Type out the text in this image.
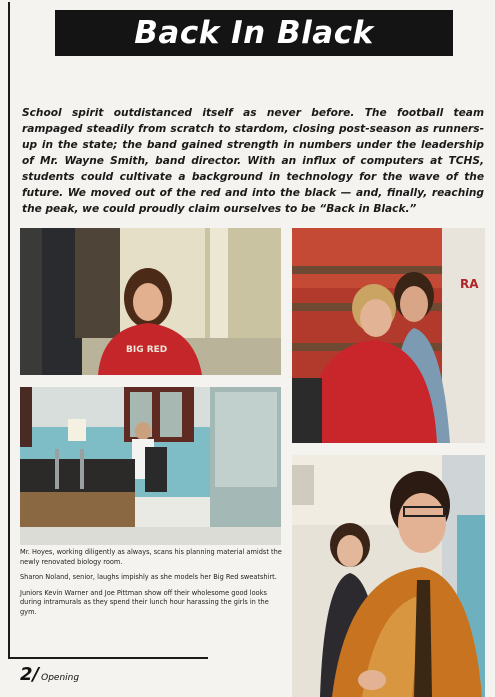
Back In Black
School spirit outdistanced itself as never before. The football team rampaged steadily from scratch to stardom, closing post-season as runners-up in the state; the band gained strength in numbers under the leadership of Mr. Wayne Smith, band director. With an influx of computers at TCHS, students could cultivate a background in technology for the wave of the future. We moved out of the red and into the black — and, finally, reaching the peak, we could proudly claim ourselves to be “Back in Black.”
BIG RED
RA

Mr. Hoyes, working diligently as always, scans his planning material amidst the newly renovated biology room.

Sharon Noland, senior, laughs impishly as she models her Big Red sweatshirt.

Juniors Kevin Warner and Joe Pittman show off their wholesome good looks during intramurals as they spend their lunch hour harassing the girls in the gym.

2/ Opening
